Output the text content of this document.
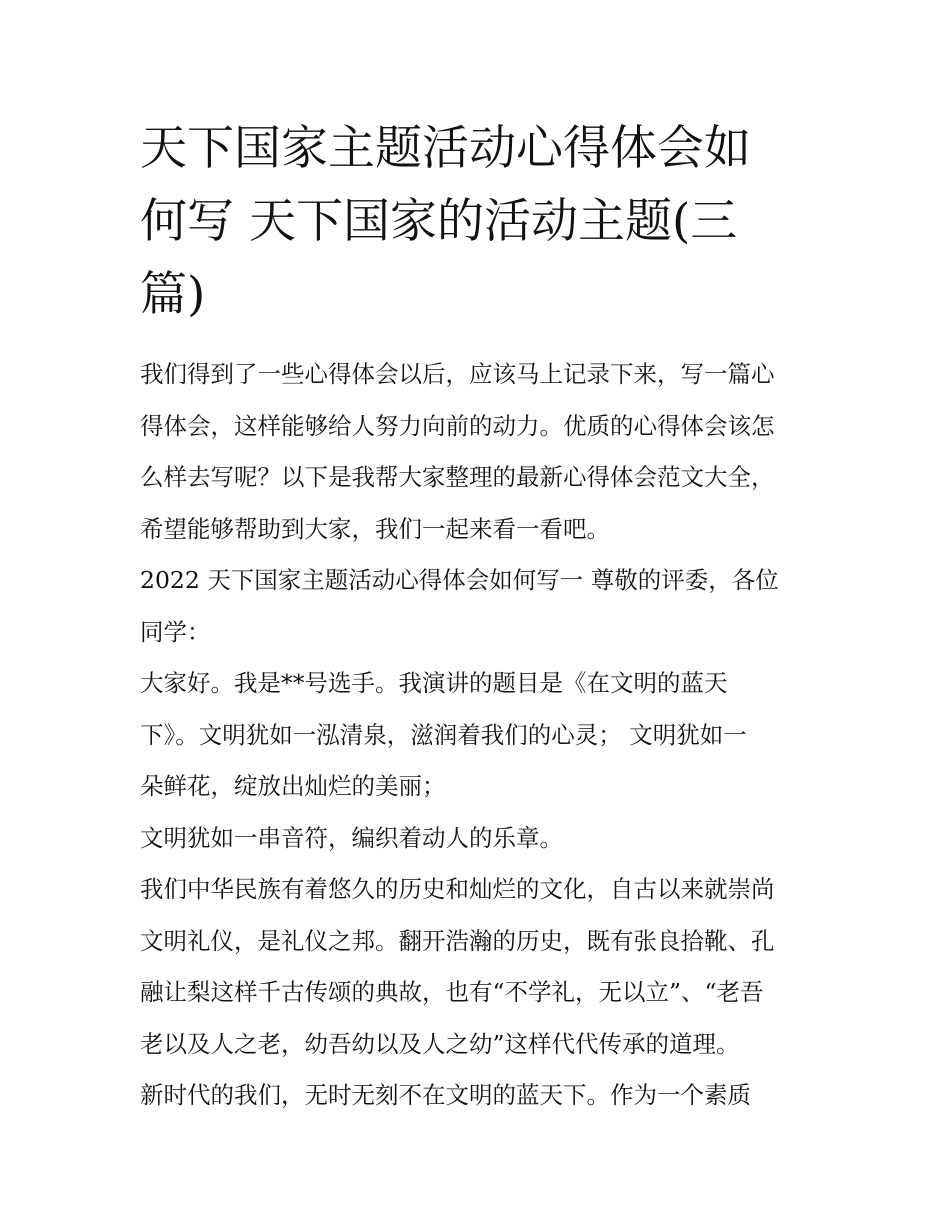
天下国家主题活动心得体会如
何写 天下国家的活动主题(三
篇)

我们得到了一些心得体会以后，应该马上记录下来，写一篇心
得体会，这样能够给人努力向前的动力。优质的心得体会该怎
么样去写呢？以下是我帮大家整理的最新心得体会范文大全，
希望能够帮助到大家，我们一起来看一看吧。

2022 天下国家主题活动心得体会如何写一 尊敬的评委，各位
同学：

大家好。我是**号选手。我演讲的题目是《在文明的蓝天
下》。文明犹如一泓清泉，滋润着我们的心灵； 文明犹如一
朵鲜花，绽放出灿烂的美丽；

文明犹如一串音符，编织着动人的乐章。

我们中华民族有着悠久的历史和灿烂的文化，自古以来就崇尚
文明礼仪，是礼仪之邦。翻开浩瀚的历史，既有张良拾靴、孔
融让梨这样千古传颂的典故，也有“不学礼，无以立”、“老吾
老以及人之老，幼吾幼以及人之幼”这样代代传承的道理。

新时代的我们，无时无刻不在文明的蓝天下。作为一个素质
